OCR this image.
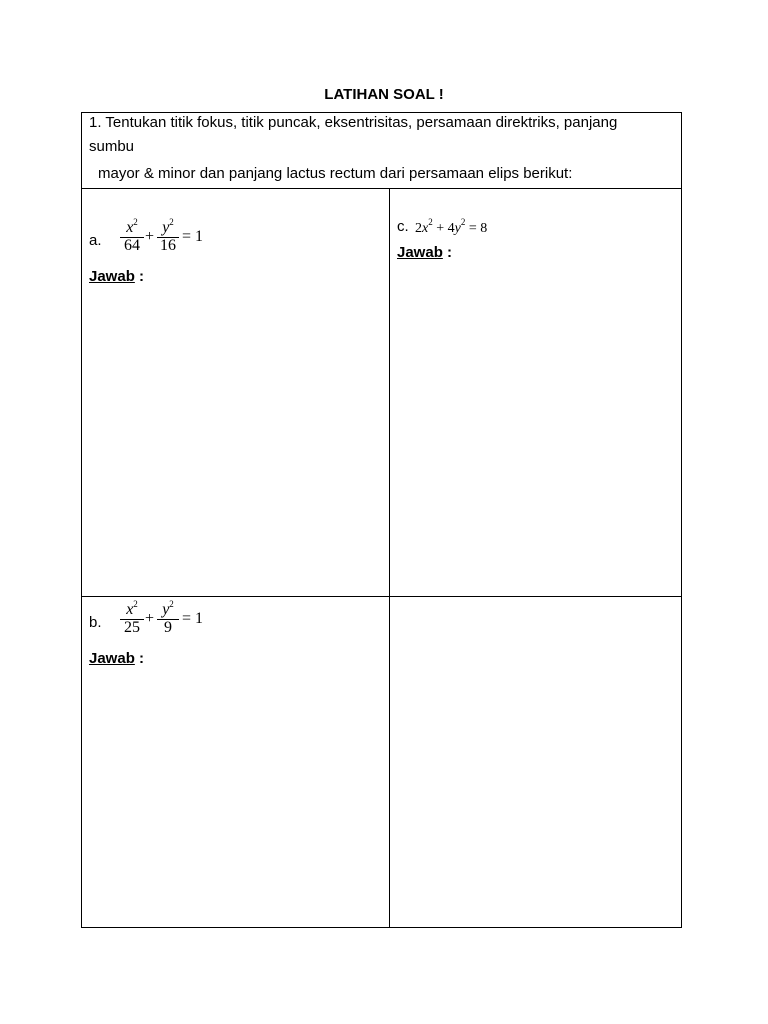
LATIHAN SOAL !
1. Tentukan titik fokus, titik puncak, eksentrisitas, persamaan direktriks, panjang
sumbu
mayor & minor dan panjang lactus rectum dari persamaan elips berikut:
a.
$x^2$
64
+
$y^2$
16
= 1
Jawab :
c. $2x^2 + 4y^2 = 8$
Jawab :
b.
$x^2$
25
+
$y^2$
9
= 1
Jawab :
